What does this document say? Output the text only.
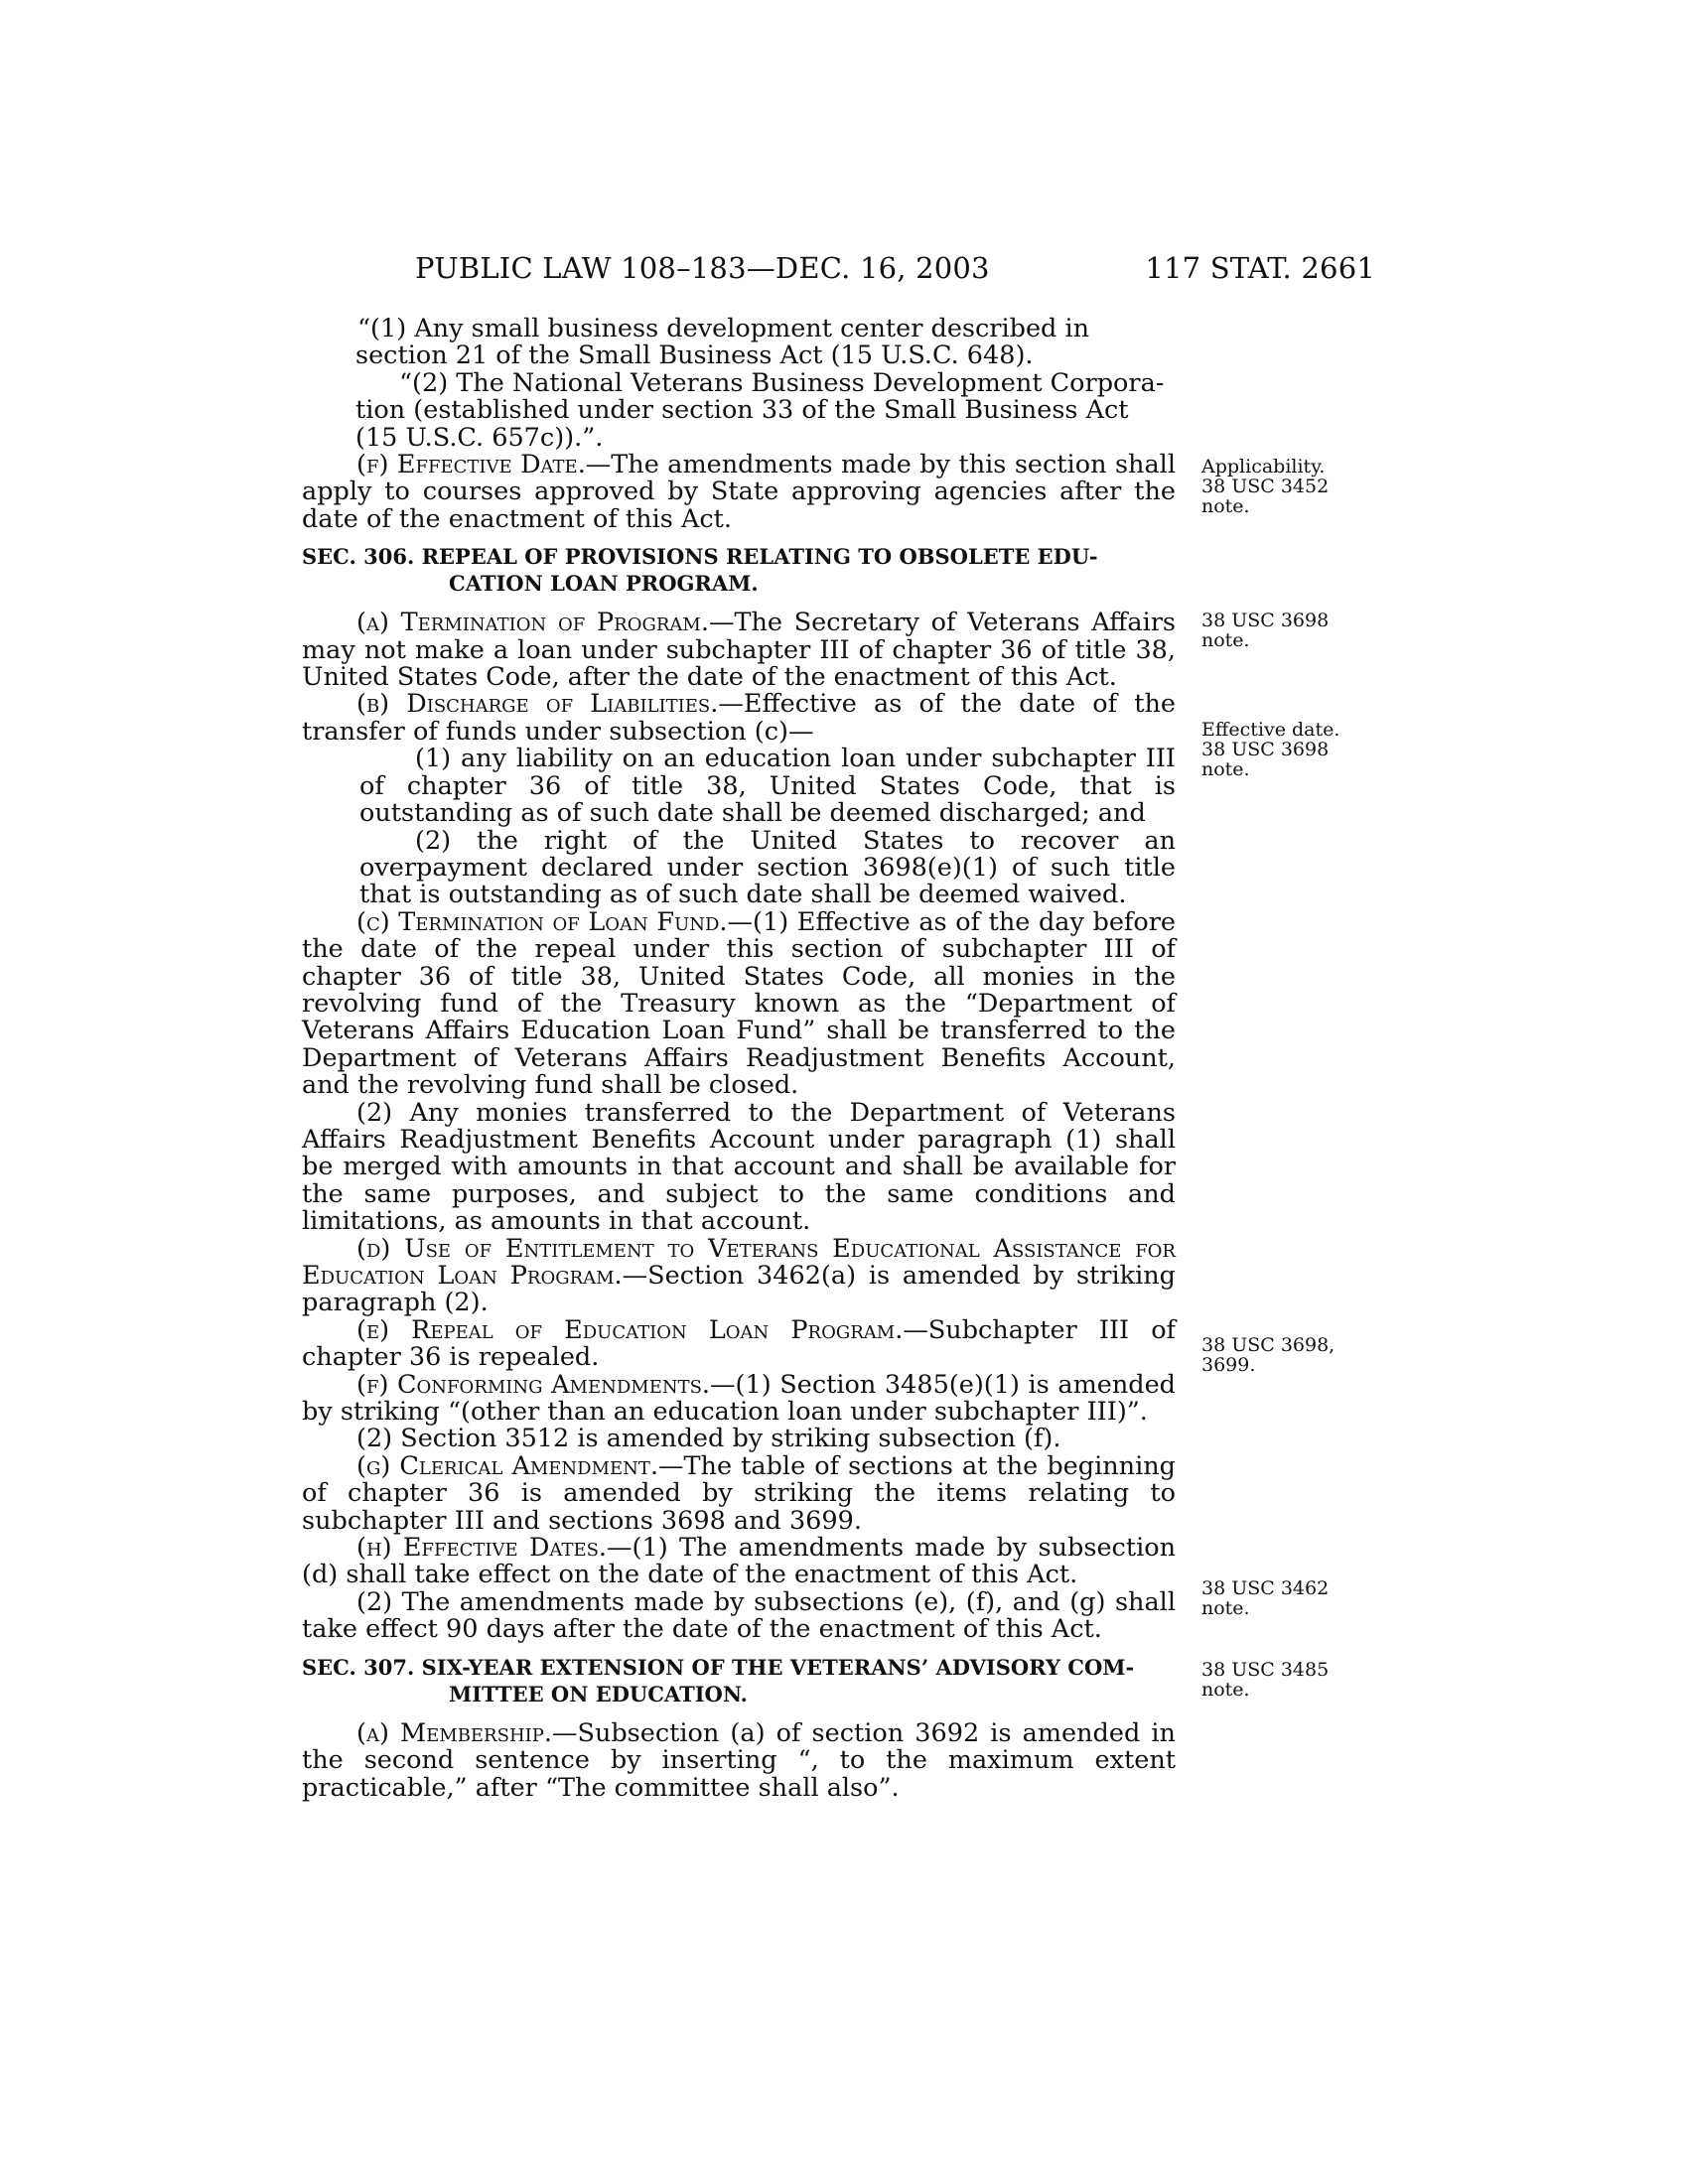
PUBLIC LAW 108–183—DEC. 16, 2003	117 STAT. 2661

“(1) Any small business development center described in

section 21 of the Small Business Act (15 U.S.C. 648).

“(2) The National Veterans Business Development Corpora-

tion (established under section 33 of the Small Business Act

(15 U.S.C. 657c)).”.

(f) Effective Date.—The amendments made by this section shall apply to courses approved by State approving agencies after the date of the enactment of this Act.

SEC. 306. REPEAL OF PROVISIONS RELATING TO OBSOLETE EDU-
CATION LOAN PROGRAM.

(a) Termination of Program.—The Secretary of Veterans Affairs may not make a loan under subchapter III of chapter 36 of title 38, United States Code, after the date of the enactment of this Act.

(b) Discharge of Liabilities.—Effective as of the date of the transfer of funds under subsection (c)—

(1) any liability on an education loan under subchapter III of chapter 36 of title 38, United States Code, that is outstanding as of such date shall be deemed discharged; and

(2) the right of the United States to recover an overpayment declared under section 3698(e)(1) of such title that is outstanding as of such date shall be deemed waived.

(c) Termination of Loan Fund.—(1) Effective as of the day before the date of the repeal under this section of subchapter III of chapter 36 of title 38, United States Code, all monies in the revolving fund of the Treasury known as the “Department of Veterans Affairs Education Loan Fund” shall be transferred to the Department of Veterans Affairs Readjustment Benefits Account, and the revolving fund shall be closed.

(2) Any monies transferred to the Department of Veterans Affairs Readjustment Benefits Account under paragraph (1) shall be merged with amounts in that account and shall be available for the same purposes, and subject to the same conditions and limitations, as amounts in that account.

(d) Use of Entitlement to Veterans Educational Assistance for Education Loan Program.—Section 3462(a) is amended by striking paragraph (2).

(e) Repeal of Education Loan Program.—Subchapter III of chapter 36 is repealed.

(f) Conforming Amendments.—(1) Section 3485(e)(1) is amended by striking “(other than an education loan under subchapter III)”.

(2) Section 3512 is amended by striking subsection (f).

(g) Clerical Amendment.—The table of sections at the beginning of chapter 36 is amended by striking the items relating to subchapter III and sections 3698 and 3699.

(h) Effective Dates.—(1) The amendments made by subsection (d) shall take effect on the date of the enactment of this Act.

(2) The amendments made by subsections (e), (f), and (g) shall take effect 90 days after the date of the enactment of this Act.

SEC. 307. SIX-YEAR EXTENSION OF THE VETERANS’ ADVISORY COM-
MITTEE ON EDUCATION.

(a) Membership.—Subsection (a) of section 3692 is amended in the second sentence by inserting “, to the maximum extent practicable,” after “The committee shall also”.

Applicability.
38 USC 3452
note.
38 USC 3698
note.
Effective date.
38 USC 3698
note.
38 USC 3698,
3699.
38 USC 3462
note.
38 USC 3485
note.
